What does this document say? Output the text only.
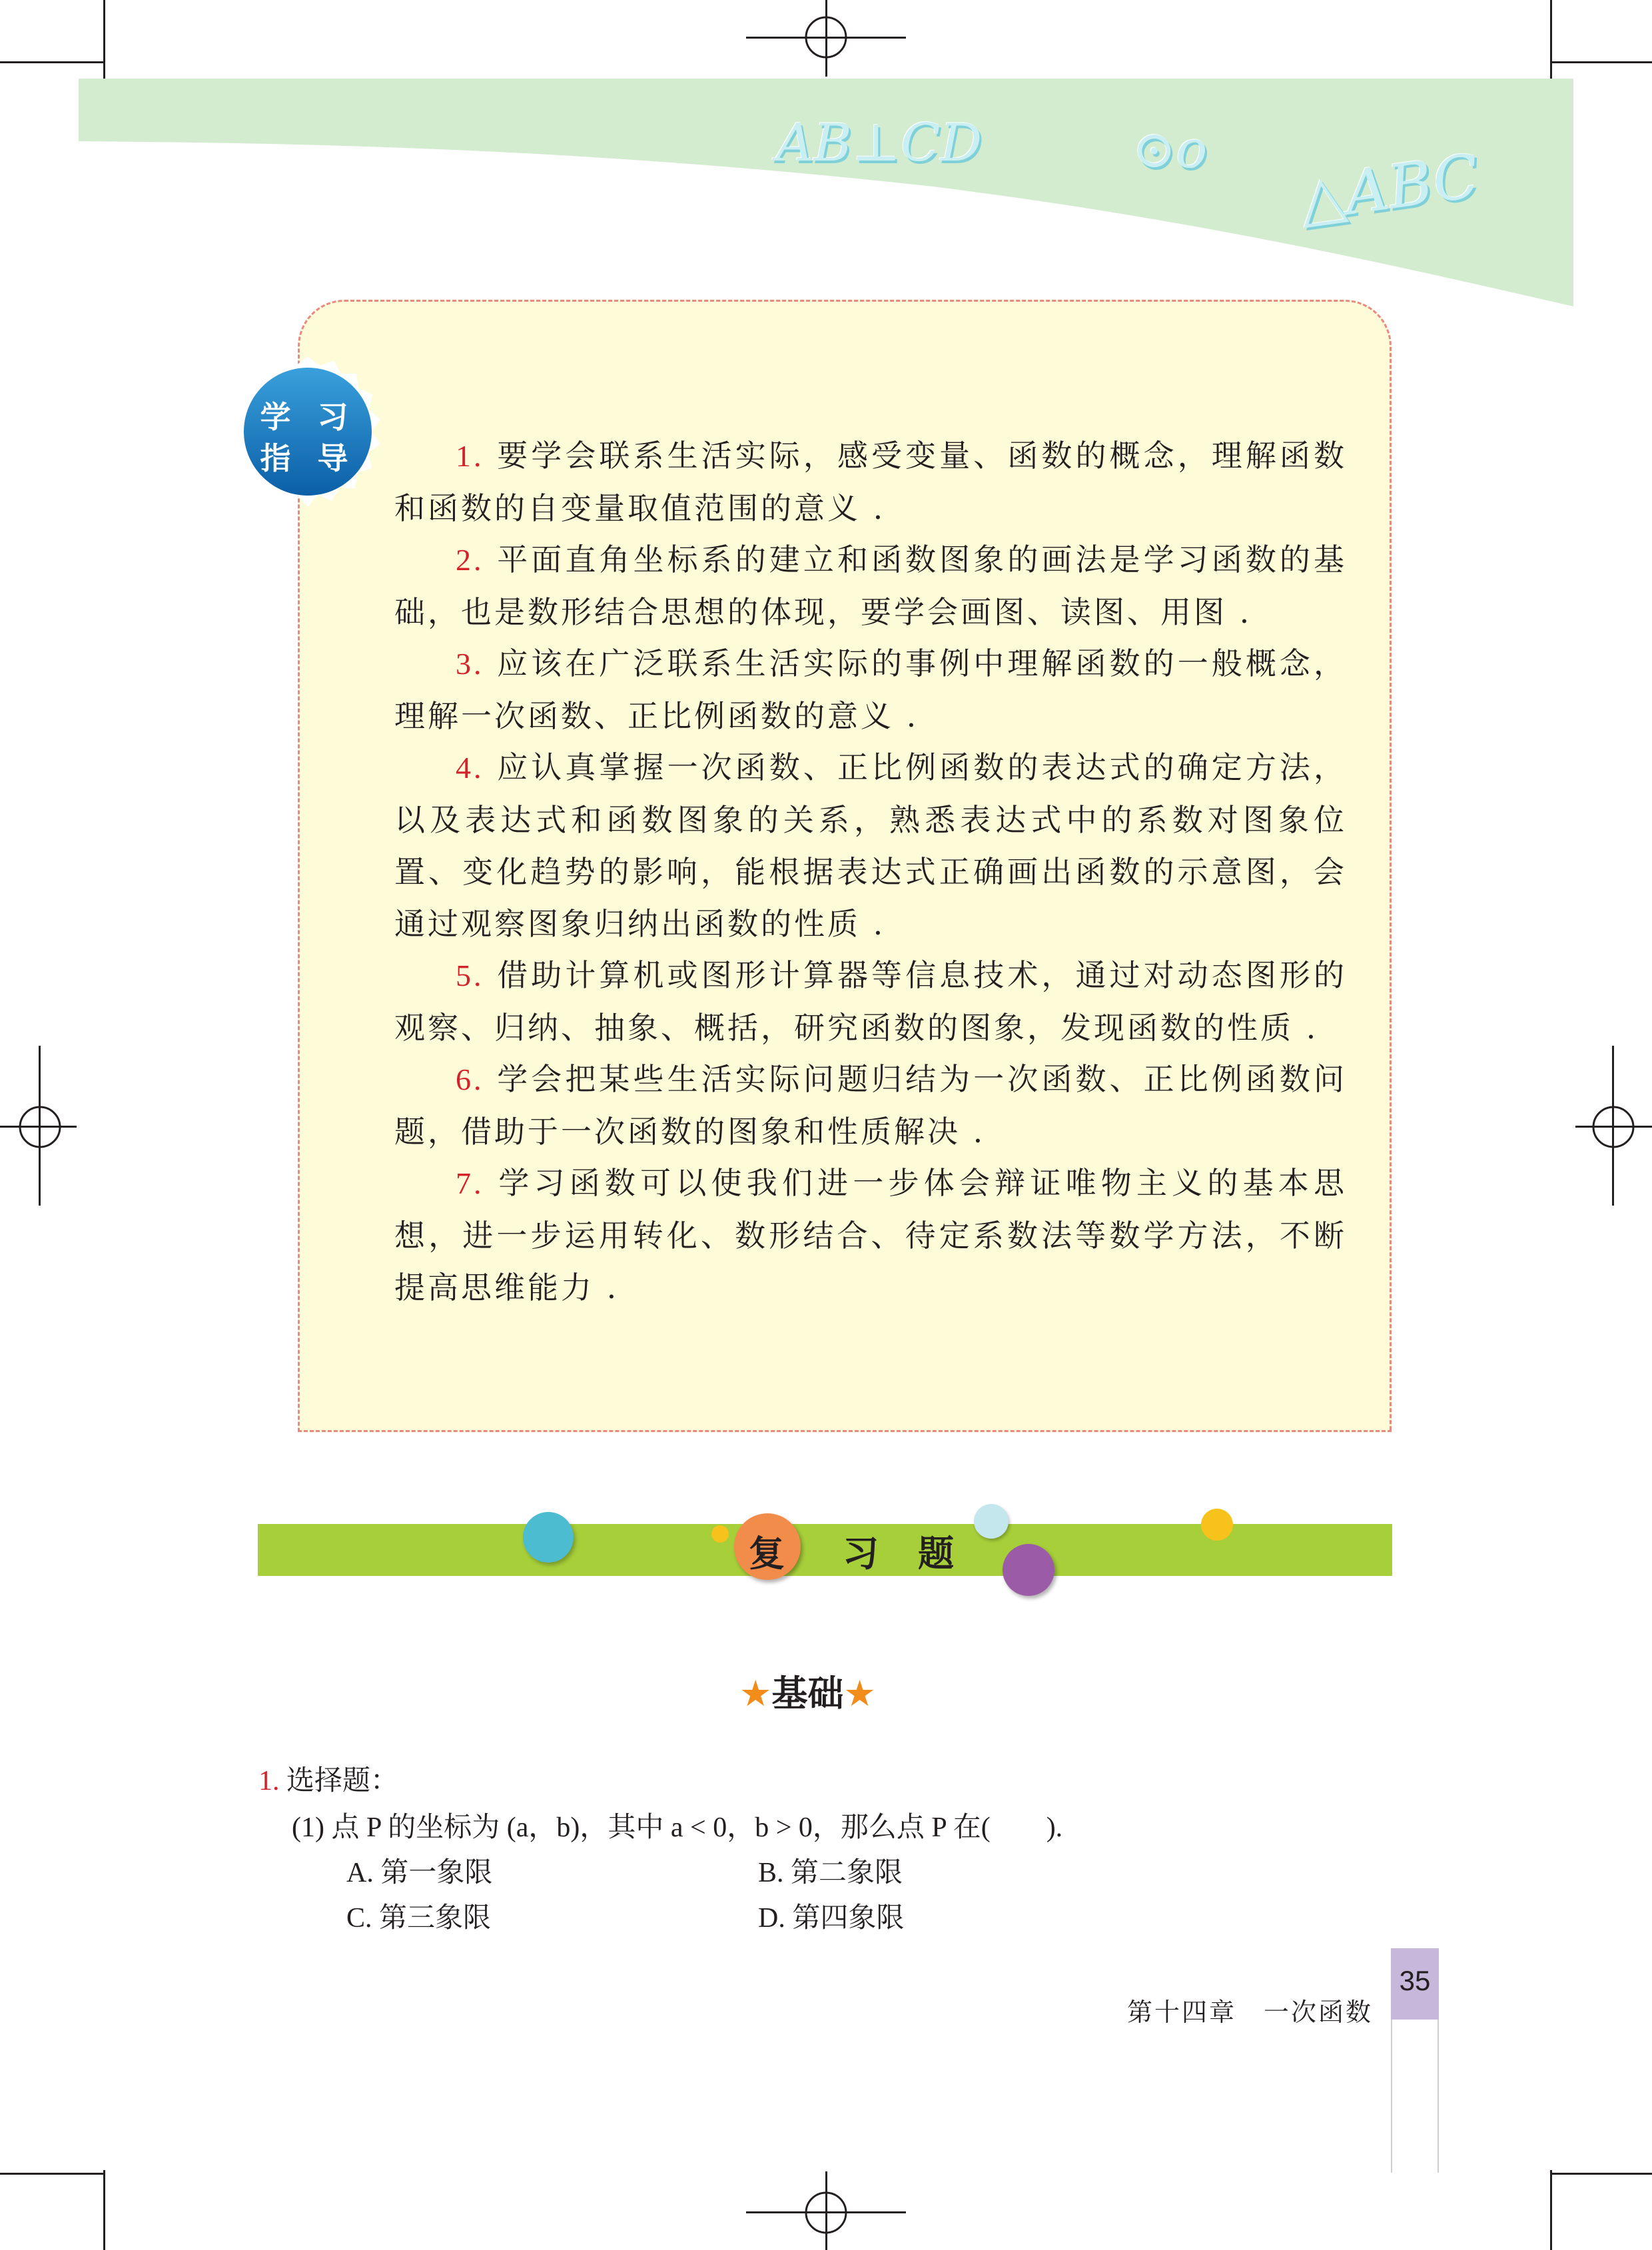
AB⊥CD	⊙o △ABC
学 习
指 导	1. 要学会联系生活实际，感受变量、函数的概念，理解函数和函数的自变量取值范围的意义 .

2. 平面直角坐标系的建立和函数图象的画法是学习函数的基础，也是数形结合思想的体现，要学会画图、读图、用图 .

3. 应该在广泛联系生活实际的事例中理解函数的一般概念，理解一次函数、正比例函数的意义 .

4. 应认真掌握一次函数、正比例函数的表达式的确定方法，以及表达式和函数图象的关系，熟悉表达式中的系数对图象位置、变化趋势的影响，能根据表达式正确画出函数的示意图，会通过观察图象归纳出函数的性质 .

5. 借助计算机或图形计算器等信息技术，通过对动态图形的观察、归纳、抽象、概括，研究函数的图象，发现函数的性质 .

6. 学会把某些生活实际问题归结为一次函数、正比例函数问题，借助于一次函数的图象和性质解决 .

7. 学习函数可以使我们进一步体会辩证唯物主义的基本思想，进一步运用转化、数形结合、待定系数法等数学方法，不断提高思维能力 .

复 习 题
★基础★
1. 选择题：
(1) 点 P 的坐标为 (a，b)，其中 a < 0，b > 0，那么点 P 在(　　).
A. 第一象限	B. 第二象限
C. 第三象限	D. 第四象限
第十四章　一次函数
35
